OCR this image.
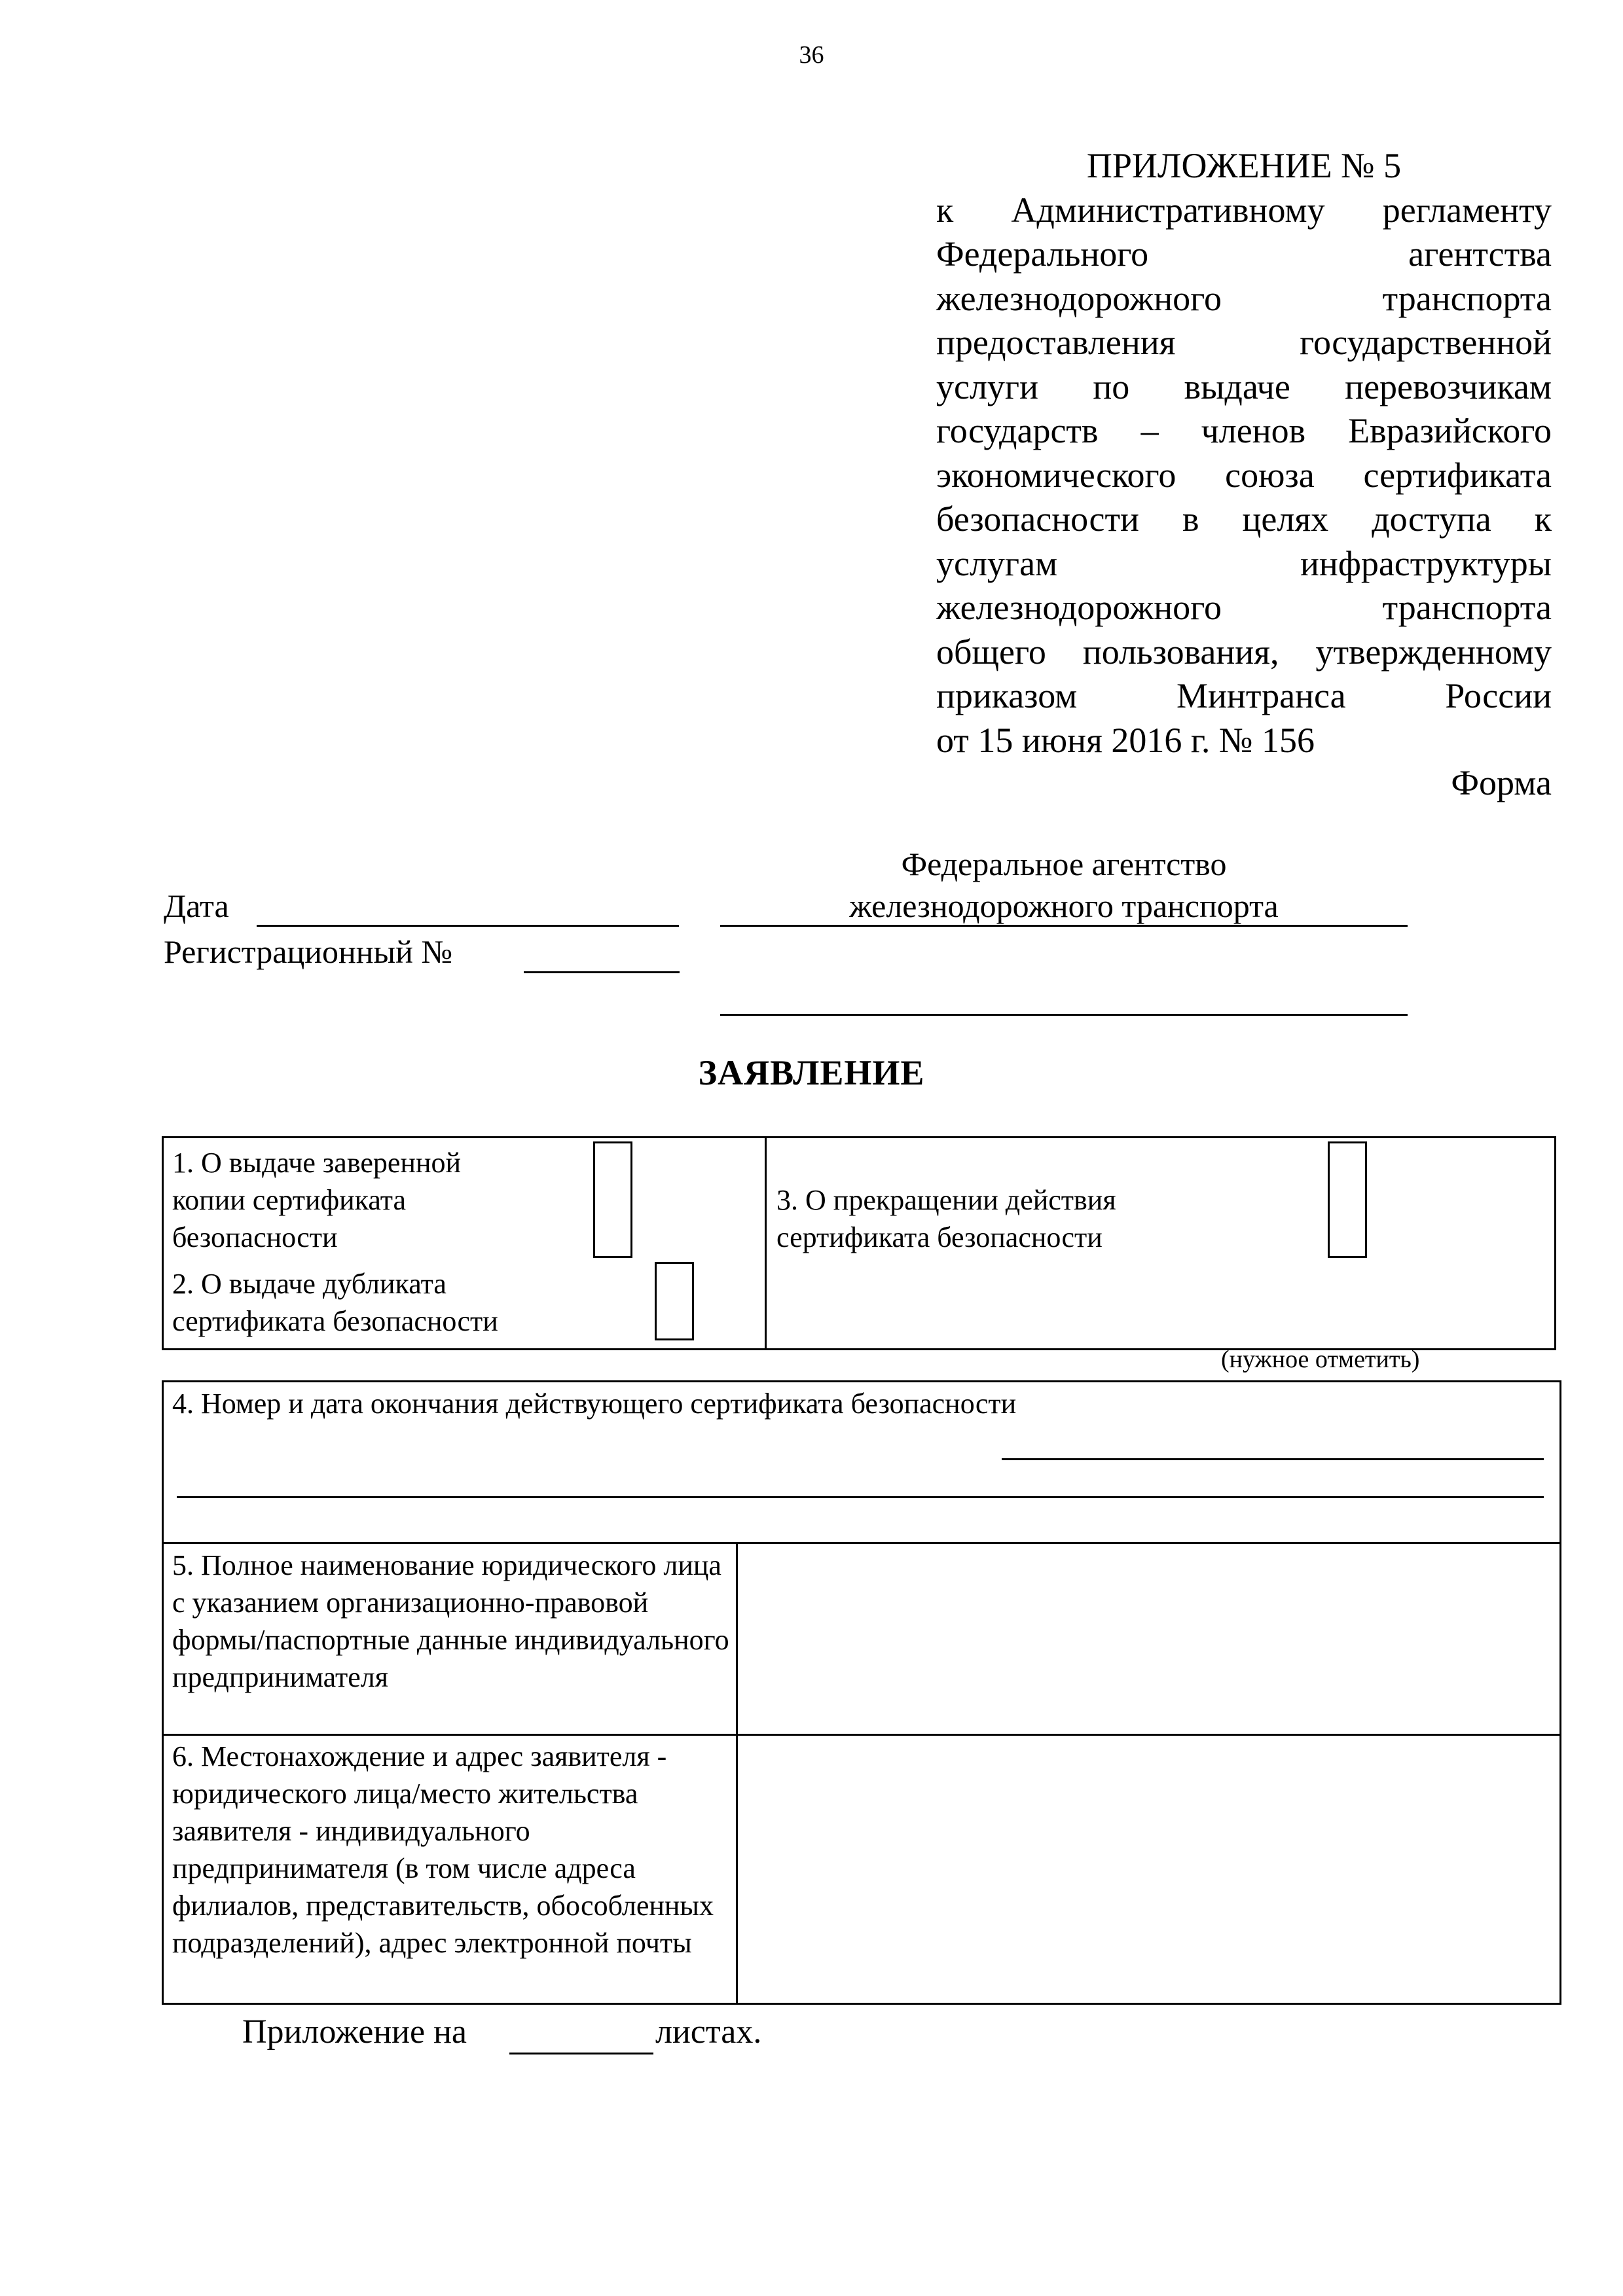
36
ПРИЛОЖЕНИЕ № 5
к Административному регламенту
Федерального агентства
железнодорожного транспорта
предоставления государственной
услуги по выдаче перевозчикам
государств – членов Евразийского
экономического союза сертификата
безопасности в целях доступа к
услугам инфраструктуры
железнодорожного транспорта
общего пользования, утвержденному
приказом Минтранса России
от 15 июня 2016 г. № 156
Форма
Федеральное агентство
железнодорожного транспорта
Дата
Регистрационный №
ЗАЯВЛЕНИЕ
1. О выдаче заверенной копии сертификата безопасности
2. О выдаче дубликата сертификата безопасности
3. О прекращении действия сертификата безопасности
(нужное отметить)
4. Номер и дата окончания действующего сертификата безопасности
5. Полное наименование юридического лица с указанием организационно-правовой формы/паспортные данные индивидуального предпринимателя
6. Местонахождение и адрес заявителя - юридического лица/место жительства заявителя - индивидуального предпринимателя (в том числе адреса филиалов, представительств, обособленных подразделений), адрес электронной почты
Приложение на	листах.
